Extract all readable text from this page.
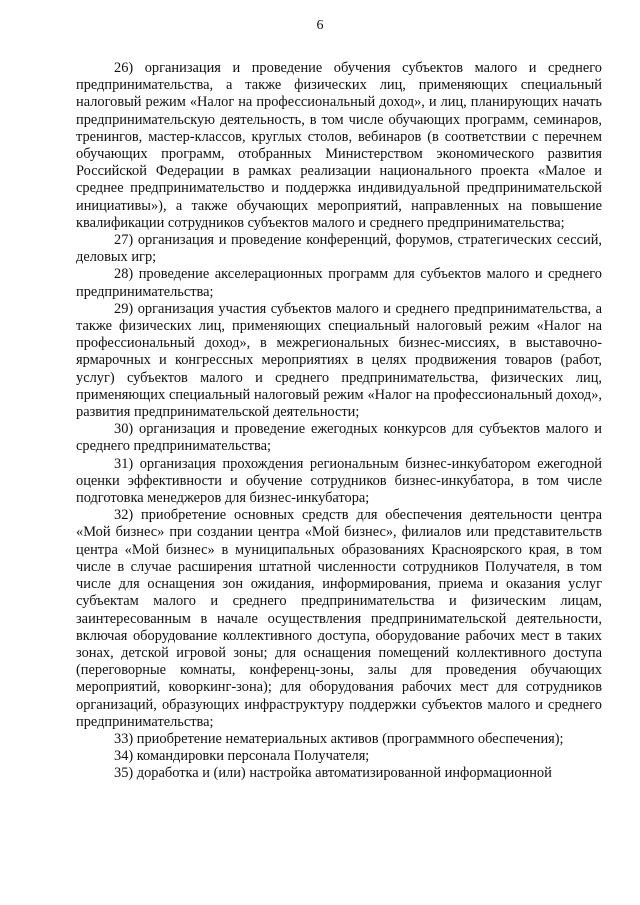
6

26) организация и проведение обучения субъектов малого и среднего предпринимательства, а также физических лиц, применяющих специальный налоговый режим «Налог на профессиональный доход», и лиц, планирующих начать предпринимательскую деятельность, в том числе обучающих программ, семинаров, тренингов, мастер-классов, круглых столов, вебинаров (в соответствии с перечнем обучающих программ, отобранных Министерством экономического развития Российской Федерации в рамках реализации национального проекта «Малое и среднее предпринимательство и поддержка индивидуальной предпринимательской инициативы»), а также обучающих мероприятий, направленных на повышение квалификации сотрудников субъектов малого и среднего предпринимательства;

27) организация и проведение конференций, форумов, стратегических сессий, деловых игр;

28) проведение акселерационных программ для субъектов малого и среднего предпринимательства;

29) организация участия субъектов малого и среднего предпринимательства, а также физических лиц, применяющих специальный налоговый режим «Налог на профессиональный доход», в межрегиональных бизнес-миссиях, в выставочно-ярмарочных и конгрессных мероприятиях в целях продвижения товаров (работ, услуг) субъектов малого и среднего предпринимательства, физических лиц, применяющих специальный налоговый режим «Налог на профессиональный доход», развития предпринимательской деятельности;

30) организация и проведение ежегодных конкурсов для субъектов малого и среднего предпринимательства;

31) организация прохождения региональным бизнес-инкубатором ежегодной оценки эффективности и обучение сотрудников бизнес-инкубатора, в том числе подготовка менеджеров для бизнес-инкубатора;

32) приобретение основных средств для обеспечения деятельности центра «Мой бизнес» при создании центра «Мой бизнес», филиалов или представительств центра «Мой бизнес» в муниципальных образованиях Красноярского края, в том числе в случае расширения штатной численности сотрудников Получателя, в том числе для оснащения зон ожидания, информирования, приема и оказания услуг субъектам малого и среднего предпринимательства и физическим лицам, заинтересованным в начале осуществления предпринимательской деятельности, включая оборудование коллективного доступа, оборудование рабочих мест в таких зонах, детской игровой зоны; для оснащения помещений коллективного доступа (переговорные комнаты, конференц-зоны, залы для проведения обучающих мероприятий, коворкинг-зона); для оборудования рабочих мест для сотрудников организаций, образующих инфраструктуру поддержки субъектов малого и среднего предпринимательства;

33) приобретение нематериальных активов (программного обеспечения);

34) командировки персонала Получателя;

35) доработка и (или) настройка автоматизированной информационной
